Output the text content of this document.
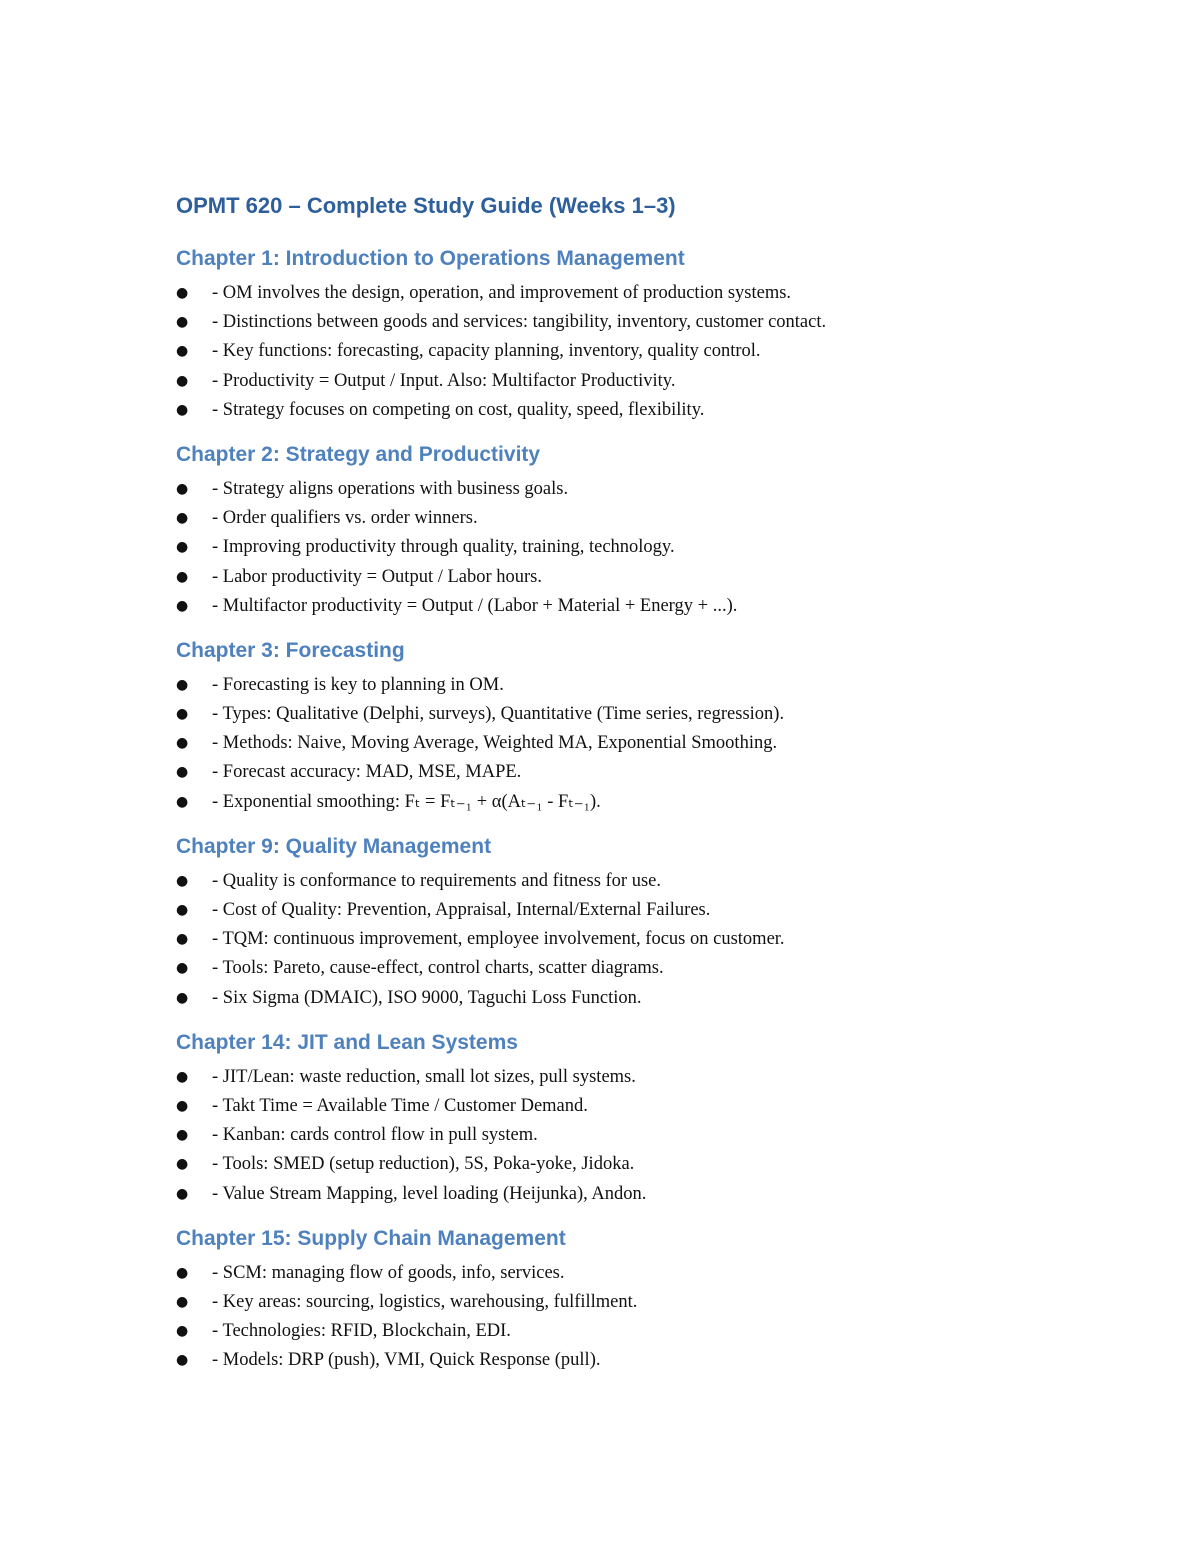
OPMT 620 – Complete Study Guide (Weeks 1–3)
Chapter 1: Introduction to Operations Management
● - OM involves the design, operation, and improvement of production systems.
● - Distinctions between goods and services: tangibility, inventory, customer contact.
● - Key functions: forecasting, capacity planning, inventory, quality control.
● - Productivity = Output / Input. Also: Multifactor Productivity.
● - Strategy focuses on competing on cost, quality, speed, flexibility.
Chapter 2: Strategy and Productivity
● - Strategy aligns operations with business goals.
● - Order qualifiers vs. order winners.
● - Improving productivity through quality, training, technology.
● - Labor productivity = Output / Labor hours.
● - Multifactor productivity = Output / (Labor + Material + Energy + ...).
Chapter 3: Forecasting
● - Forecasting is key to planning in OM.
● - Types: Qualitative (Delphi, surveys), Quantitative (Time series, regression).
● - Methods: Naive, Moving Average, Weighted MA, Exponential Smoothing.
● - Forecast accuracy: MAD, MSE, MAPE.
● - Exponential smoothing: Fₜ = Fₜ₋₁ + α(Aₜ₋₁ - Fₜ₋₁).
Chapter 9: Quality Management
● - Quality is conformance to requirements and fitness for use.
● - Cost of Quality: Prevention, Appraisal, Internal/External Failures.
● - TQM: continuous improvement, employee involvement, focus on customer.
● - Tools: Pareto, cause-effect, control charts, scatter diagrams.
● - Six Sigma (DMAIC), ISO 9000, Taguchi Loss Function.
Chapter 14: JIT and Lean Systems
● - JIT/Lean: waste reduction, small lot sizes, pull systems.
● - Takt Time = Available Time / Customer Demand.
● - Kanban: cards control flow in pull system.
● - Tools: SMED (setup reduction), 5S, Poka-yoke, Jidoka.
● - Value Stream Mapping, level loading (Heijunka), Andon.
Chapter 15: Supply Chain Management
● - SCM: managing flow of goods, info, services.
● - Key areas: sourcing, logistics, warehousing, fulfillment.
● - Technologies: RFID, Blockchain, EDI.
● - Models: DRP (push), VMI, Quick Response (pull).
